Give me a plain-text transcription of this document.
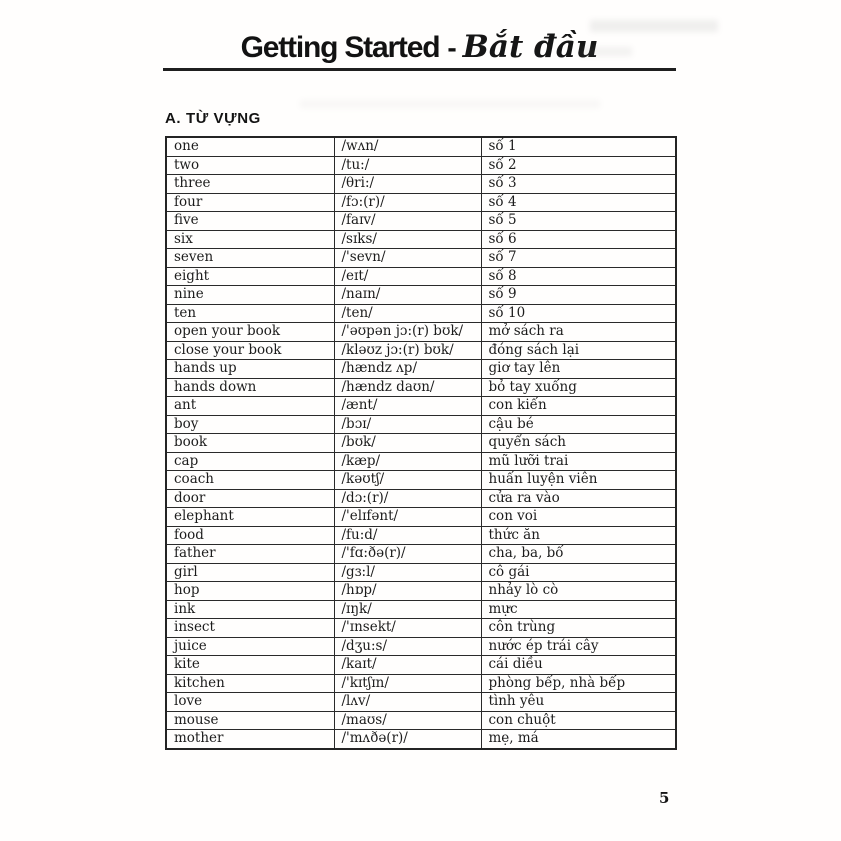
Getting Started - Bắt đầu
A. TỪ VỰNG
one	/wʌn/	số 1
two	/tu:/	số 2
three	/θri:/	số 3
four	/fɔ:(r)/	số 4
five	/faɪv/	số 5
six	/sɪks/	số 6
seven	/'sevn/	số 7
eight	/eɪt/	số 8
nine	/naɪn/	số 9
ten	/ten/	số 10
open your book	/'əʊpən jɔ:(r) bʊk/	mở sách ra
close your book	/kləʊz jɔ:(r) bʊk/	đóng sách lại
hands up	/hændz ʌp/	giơ tay lên
hands down	/hændz daʊn/	bỏ tay xuống
ant	/ænt/	con kiến
boy	/bɔɪ/	cậu bé
book	/bʊk/	quyển sách
cap	/kæp/	mũ lưỡi trai
coach	/kəʊtʃ/	huấn luyện viên
door	/dɔ:(r)/	cửa ra vào
elephant	/'elɪfənt/	con voi
food	/fu:d/	thức ăn
father	/'fɑ:ðə(r)/	cha, ba, bố
girl	/gɜ:l/	cô gái
hop	/hɒp/	nhảy lò cò
ink	/ɪŋk/	mực
insect	/'ɪnsekt/	côn trùng
juice	/dʒu:s/	nước ép trái cây
kite	/kaɪt/	cái diều
kitchen	/'kɪtʃɪn/	phòng bếp, nhà bếp
love	/lʌv/	tình yêu
mouse	/maʊs/	con chuột
mother	/'mʌðə(r)/	mẹ, má
5
